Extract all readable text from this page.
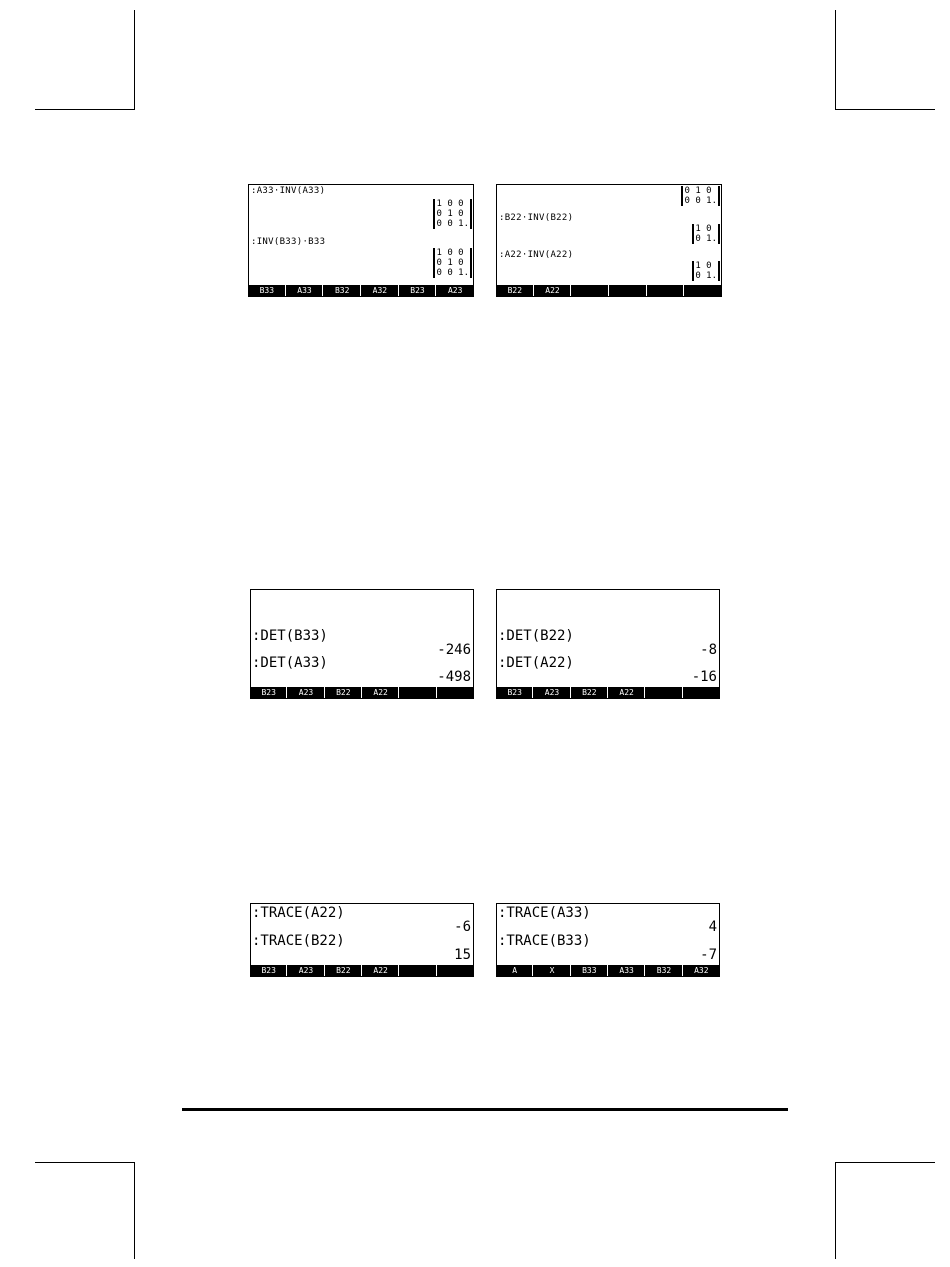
:A33·INV(A33)
1 0 0
0 1 0
0 0 1.
:INV(B33)·B33
1 0 0
0 1 0
0 0 1.
B33	A33	B32	A32	B23	A23
0 1 0
0 0 1.
:B22·INV(B22)
1 0
0 1.
:A22·INV(A22)
1 0
0 1.
B22	A22
:DET(B33)
-246
:DET(A33)
-498
B23	A23	B22	A22
:DET(B22)
-8
:DET(A22)
-16
B23	A23	B22	A22
:TRACE(A22)
-6
:TRACE(B22)
15
B23	A23	B22	A22
:TRACE(A33)
4
:TRACE(B33)
-7
A	X	B33	A33	B32	A32
